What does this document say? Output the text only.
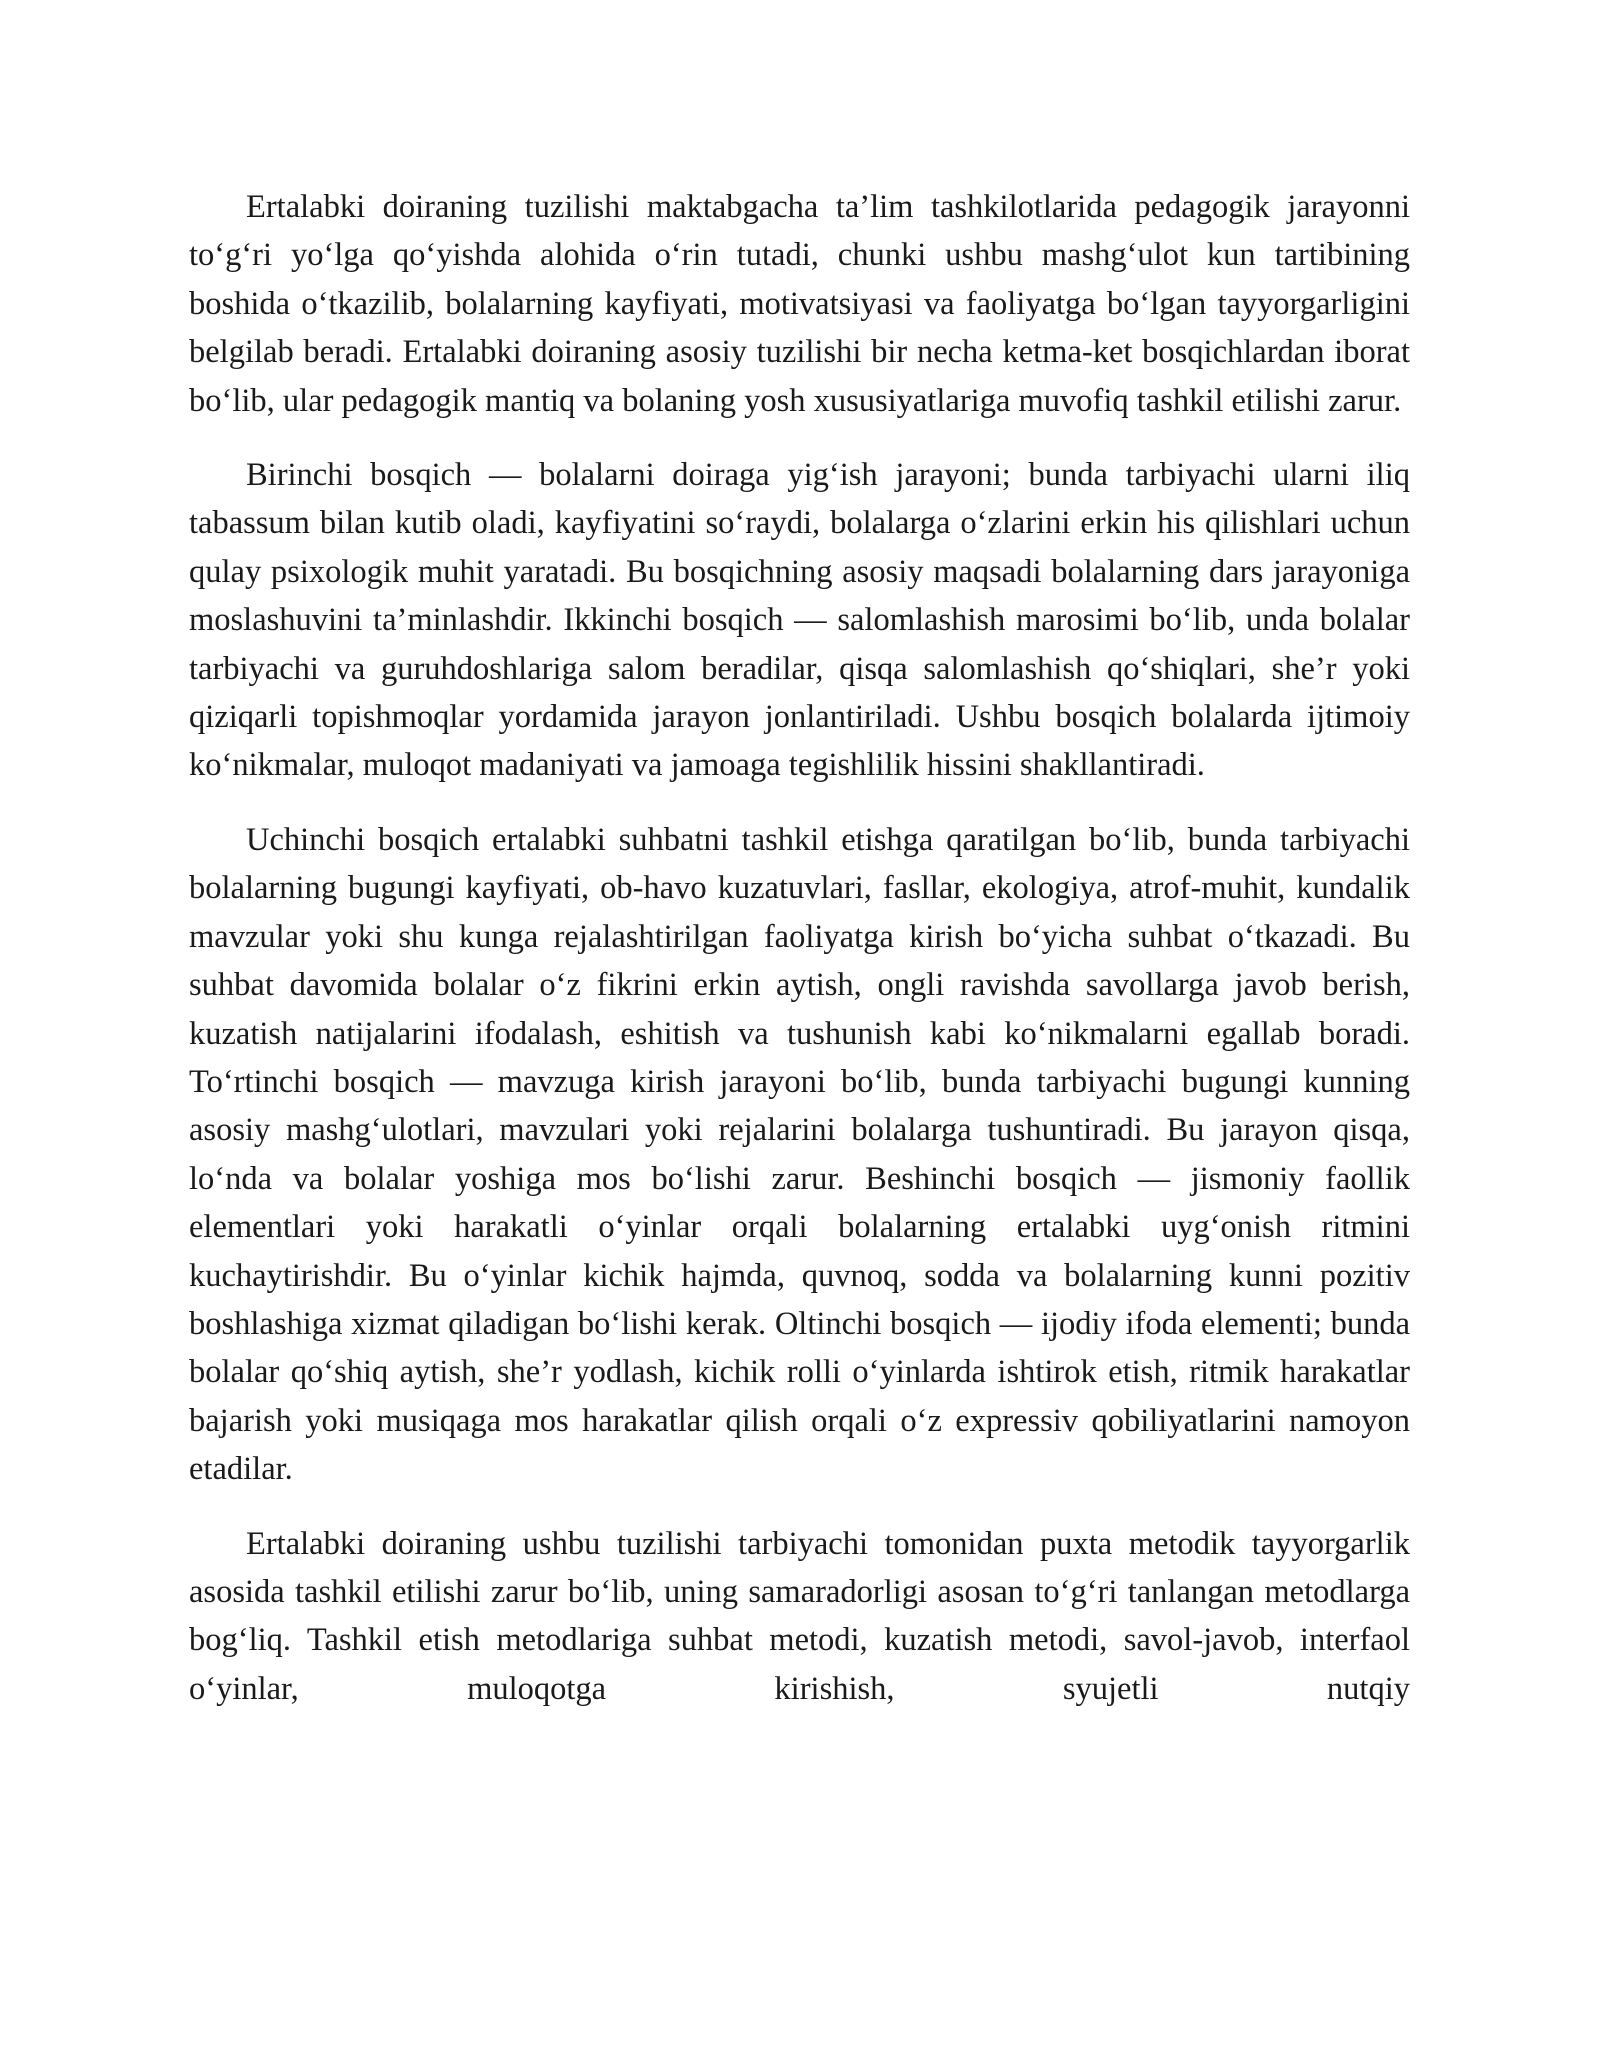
Ertalabki doiraning tuzilishi maktabgacha ta’lim tashkilotlarida pedagogik jarayonni to‘g‘ri yo‘lga qo‘yishda alohida o‘rin tutadi, chunki ushbu mashg‘ulot kun tartibining boshida o‘tkazilib, bolalarning kayfiyati, motivatsiyasi va faoliyatga bo‘lgan tayyorgarligini belgilab beradi. Ertalabki doiraning asosiy tuzilishi bir necha ketma-ket bosqichlardan iborat bo‘lib, ular pedagogik mantiq va bolaning yosh xususiyatlariga muvofiq tashkil etilishi zarur.

Birinchi bosqich — bolalarni doiraga yig‘ish jarayoni; bunda tarbiyachi ularni iliq tabassum bilan kutib oladi, kayfiyatini so‘raydi, bolalarga o‘zlarini erkin his qilishlari uchun qulay psixologik muhit yaratadi. Bu bosqichning asosiy maqsadi bolalarning dars jarayoniga moslashuvini ta’minlashdir. Ikkinchi bosqich — salomlashish marosimi bo‘lib, unda bolalar tarbiyachi va guruhdoshlariga salom beradilar, qisqa salomlashish qo‘shiqlari, she’r yoki qiziqarli topishmoqlar yordamida jarayon jonlantiriladi. Ushbu bosqich bolalarda ijtimoiy ko‘nikmalar, muloqot madaniyati va jamoaga tegishlilik hissini shakllantiradi.

Uchinchi bosqich ertalabki suhbatni tashkil etishga qaratilgan bo‘lib, bunda tarbiyachi bolalarning bugungi kayfiyati, ob-havo kuzatuvlari, fasllar, ekologiya, atrof-muhit, kundalik mavzular yoki shu kunga rejalashtirilgan faoliyatga kirish bo‘yicha suhbat o‘tkazadi. Bu suhbat davomida bolalar o‘z fikrini erkin aytish, ongli ravishda savollarga javob berish, kuzatish natijalarini ifodalash, eshitish va tushunish kabi ko‘nikmalarni egallab boradi. To‘rtinchi bosqich — mavzuga kirish jarayoni bo‘lib, bunda tarbiyachi bugungi kunning asosiy mashg‘ulotlari, mavzulari yoki rejalarini bolalarga tushuntiradi. Bu jarayon qisqa, lo‘nda va bolalar yoshiga mos bo‘lishi zarur. Beshinchi bosqich — jismoniy faollik elementlari yoki harakatli o‘yinlar orqali bolalarning ertalabki uyg‘onish ritmini kuchaytirishdir. Bu o‘yinlar kichik hajmda, quvnoq, sodda va bolalarning kunni pozitiv boshlashiga xizmat qiladigan bo‘lishi kerak. Oltinchi bosqich — ijodiy ifoda elementi; bunda bolalar qo‘shiq aytish, she’r yodlash, kichik rolli o‘yinlarda ishtirok etish, ritmik harakatlar bajarish yoki musiqaga mos harakatlar qilish orqali o‘z expressiv qobiliyatlarini namoyon etadilar.

Ertalabki doiraning ushbu tuzilishi tarbiyachi tomonidan puxta metodik tayyorgarlik asosida tashkil etilishi zarur bo‘lib, uning samaradorligi asosan to‘g‘ri tanlangan metodlarga bog‘liq. Tashkil etish metodlariga suhbat metodi, kuzatish metodi, savol-javob, interfaol o‘yinlar, muloqotga kirishish, syujetli nutqiy
